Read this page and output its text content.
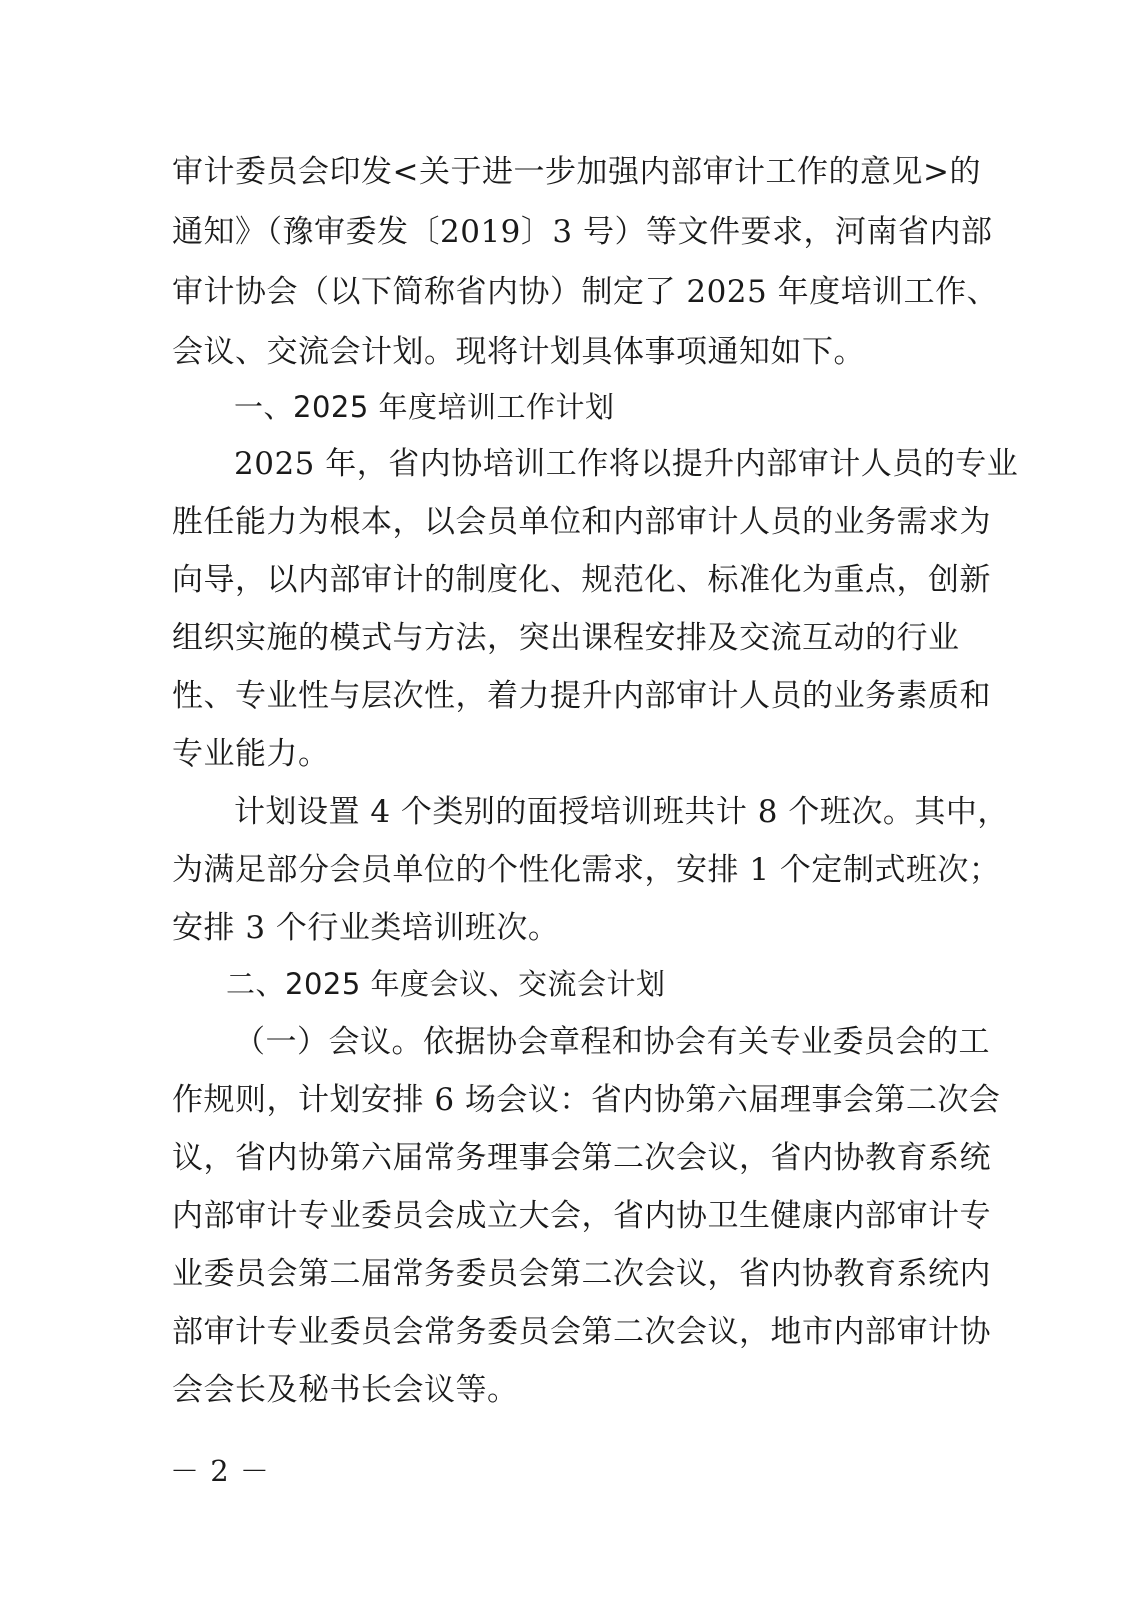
审计委员会印发<关于进一步加强内部审计工作的意见>的
通知》（豫审委发〔2019〕3 号）等文件要求，河南省内部
审计协会（以下简称省内协）制定了 2025 年度培训工作、
会议、交流会计划。现将计划具体事项通知如下。
一、2025 年度培训工作计划
2025 年，省内协培训工作将以提升内部审计人员的专业
胜任能力为根本，以会员单位和内部审计人员的业务需求为
向导，以内部审计的制度化、规范化、标准化为重点，创新
组织实施的模式与方法，突出课程安排及交流互动的行业
性、专业性与层次性，着力提升内部审计人员的业务素质和
专业能力。
计划设置 4 个类别的面授培训班共计 8 个班次。其中，
为满足部分会员单位的个性化需求，安排 1 个定制式班次；
安排 3 个行业类培训班次。
二、2025 年度会议、交流会计划
（一）会议。依据协会章程和协会有关专业委员会的工
作规则，计划安排 6 场会议：省内协第六届理事会第二次会
议，省内协第六届常务理事会第二次会议，省内协教育系统
内部审计专业委员会成立大会，省内协卫生健康内部审计专
业委员会第二届常务委员会第二次会议，省内协教育系统内
部审计专业委员会常务委员会第二次会议，地市内部审计协
会会长及秘书长会议等。
－ 2 －
